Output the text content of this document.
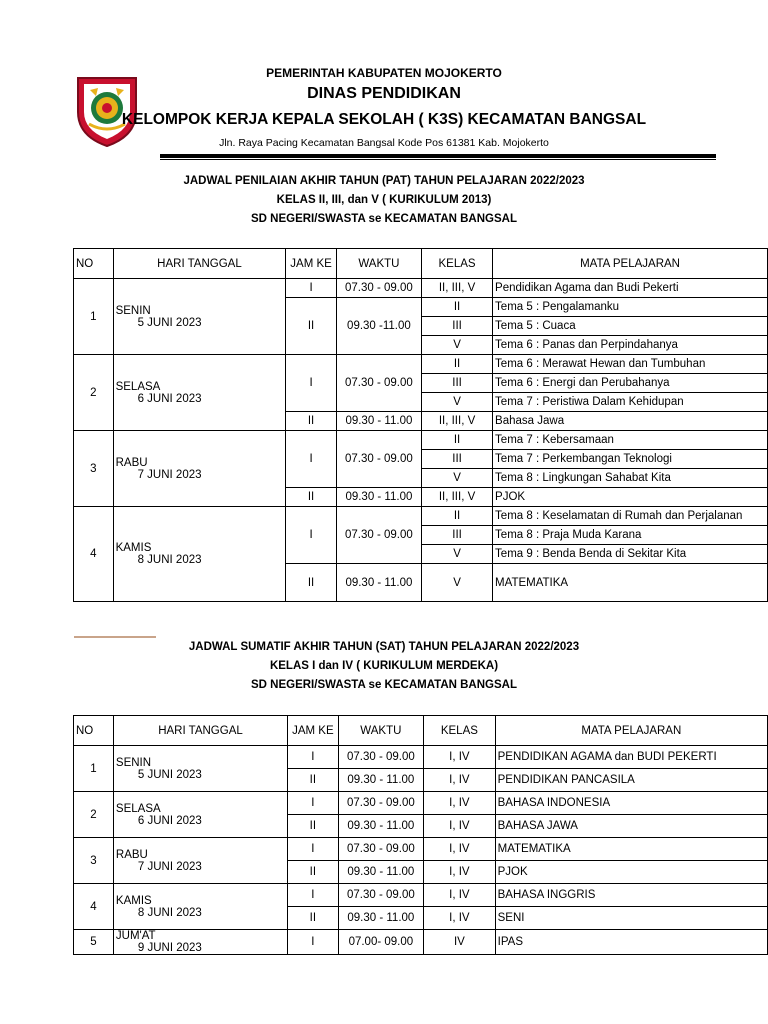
PEMERINTAH KABUPATEN MOJOKERTO
DINAS PENDIDIKAN
KELOMPOK KERJA KEPALA SEKOLAH ( K3S) KECAMATAN BANGSAL
Jln. Raya Pacing Kecamatan Bangsal Kode Pos 61381 Kab. Mojokerto
JADWAL PENILAIAN AKHIR TAHUN (PAT) TAHUN PELAJARAN 2022/2023
KELAS II, III, dan V ( KURIKULUM 2013)
SD NEGERI/SWASTA se KECAMATAN BANGSAL
NO	HARI TANGGAL	JAM KE	WAKTU	KELAS	MATA PELAJARAN
1	SENIN
5 JUNI 2023	I	07.30 - 09.00	II, III, V	Pendidikan Agama dan Budi Pekerti
		II	09.30 -11.00	II	Tema 5 : Pengalamanku
				III	Tema 5 : Cuaca
				V	Tema 6 : Panas dan Perpindahanya
2	SELASA
6 JUNI 2023	I	07.30 - 09.00	II	Tema 6 : Merawat Hewan dan Tumbuhan
				III	Tema 6 : Energi dan Perubahanya
				V	Tema 7 : Peristiwa Dalam Kehidupan
		II	09.30 - 11.00	II, III, V	Bahasa Jawa
3	RABU
7 JUNI 2023	I	07.30 - 09.00	II	Tema 7 : Kebersamaan
				III	Tema 7 : Perkembangan Teknologi
				V	Tema 8 : Lingkungan Sahabat Kita
		II	09.30 - 11.00	II, III, V	PJOK
4	KAMIS
8 JUNI 2023	I	07.30 - 09.00	II	Tema 8 : Keselamatan di Rumah dan Perjalanan
				III	Tema 8 : Praja Muda Karana
				V	Tema 9 : Benda Benda di Sekitar Kita
		II	09.30 - 11.00	V	MATEMATIKA
JADWAL SUMATIF AKHIR TAHUN (SAT) TAHUN PELAJARAN 2022/2023
KELAS I dan IV ( KURIKULUM MERDEKA)
SD NEGERI/SWASTA se KECAMATAN BANGSAL
NO	HARI TANGGAL	JAM KE	WAKTU	KELAS	MATA PELAJARAN
1	SENIN
5 JUNI 2023	I	07.30 - 09.00	I, IV	PENDIDIKAN AGAMA dan BUDI PEKERTI
		II	09.30 - 11.00	I, IV	PENDIDIKAN PANCASILA
2	SELASA
6 JUNI 2023	I	07.30 - 09.00	I, IV	BAHASA INDONESIA
		II	09.30 - 11.00	I, IV	BAHASA JAWA
3	RABU
7 JUNI 2023	I	07.30 - 09.00	I, IV	MATEMATIKA
		II	09.30 - 11.00	I, IV	PJOK
4	KAMIS
8 JUNI 2023	I	07.30 - 09.00	I, IV	BAHASA INGGRIS
		II	09.30 - 11.00	I, IV	SENI
5	JUM'AT
9 JUNI 2023	I	07.00- 09.00	IV	IPAS
